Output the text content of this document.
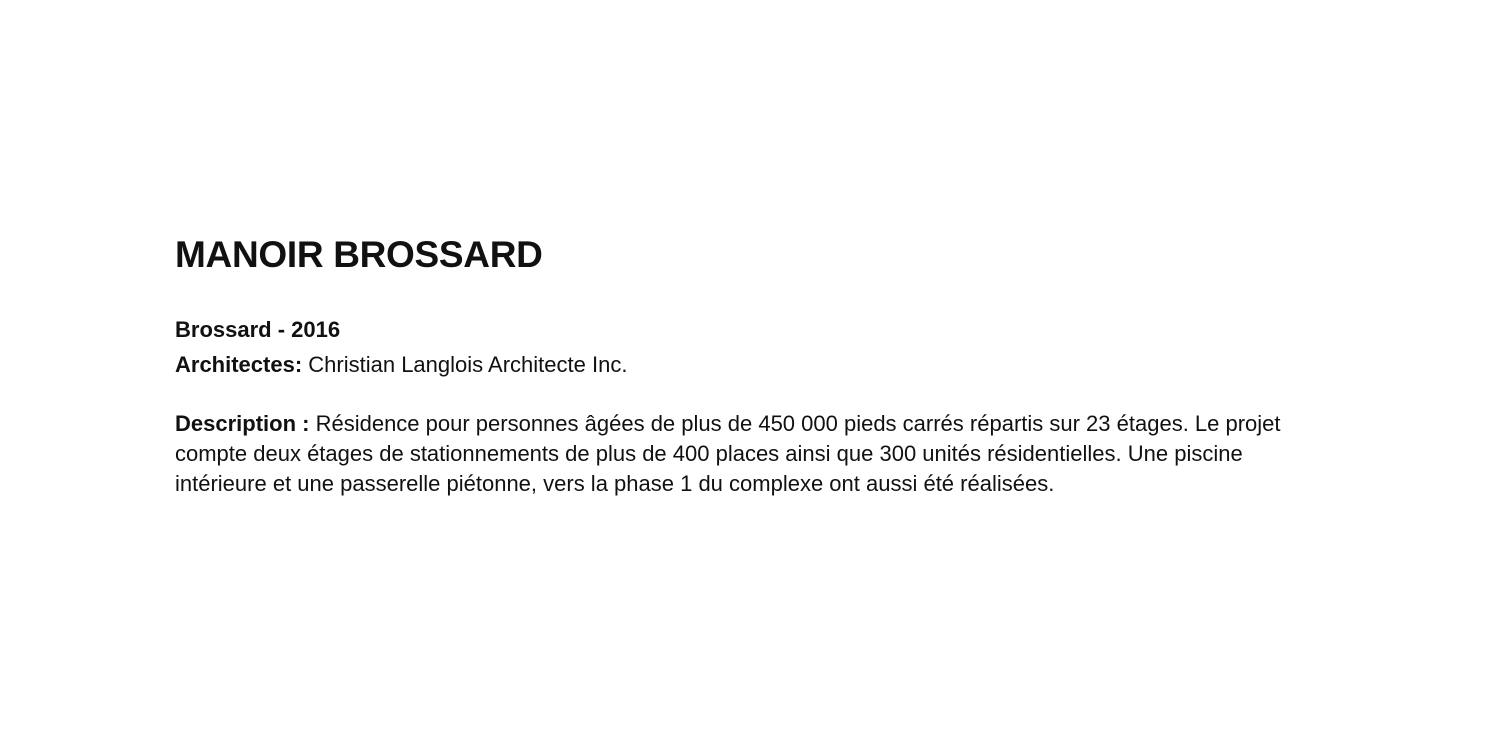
MANOIR BROSSARD
Brossard - 2016
Architectes: Christian Langlois Architecte Inc.

Description : Résidence pour personnes âgées de plus de 450 000 pieds carrés répartis sur 23 étages. Le projet compte deux étages de stationnements de plus de 400 places ainsi que 300 unités résidentielles. Une piscine intérieure et une passerelle piétonne, vers la phase 1 du complexe ont aussi été réalisées.
